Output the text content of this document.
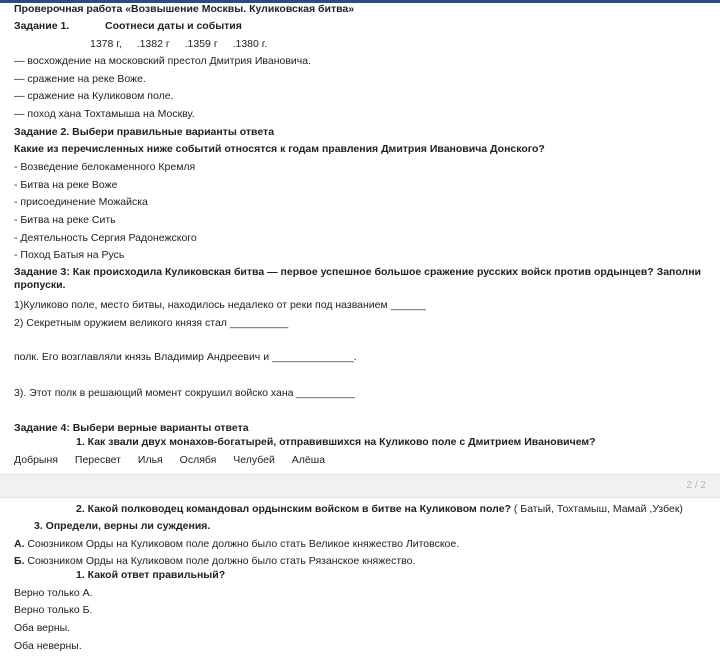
Проверочная работа «Возвышение Москвы. Куликовская битва»
Задание 1.	Соотнеси даты и события
1378 г, .1382 г .1359 г .1380 г.
— восхождение на московский престол Дмитрия Ивановича.
— сражение на реке Воже.
— сражение на Куликовом поле.
— поход хана Тохтамыша на Москву.
Задание 2. Выбери правильные варианты ответа
Какие из перечисленных ниже событий относятся к годам правления Дмитрия Ивановича Донского?
- Возведение белокаменного Кремля
- Битва на реке Воже
- присоединение Можайска
- Битва на реке Сить
- Деятельность Сергия Радонежского
- Поход Батыя на Русь
Задание 3: Как происходила Куликовская битва — первое успешное большое сражение русских войск против ордынцев? Заполни пропуски.
1)Куликово поле, место битвы, находилось недалеко от реки под названием ______
2) Секретным оружием великого князя стал __________
полк. Его возглавляли князь Владимир Андреевич и ______________.
3). Этот полк в решающий момент сокрушил войско хана __________
Задание 4: Выбери верные варианты ответа
1. Как звали двух монахов-богатырей, отправившихся на Куликово поле с Дмитрием Ивановичем?
Добрыня Пересвет Илья Ослябя Челубей Алёша
2 / 2
2. Какой полководец командовал ордынским войском в битве на Куликовом поле? ( Батый, Тохтамыш, Мамай ,Узбек)
3. Определи, верны ли суждения.
А. Союзником Орды на Куликовом поле должно было стать Великое княжество Литовское.
Б. Союзником Орды на Куликовом поле должно было стать Рязанское княжество.
1. Какой ответ правильный?
Верно только А.
Верно только Б.
Оба верны.
Оба неверны.
